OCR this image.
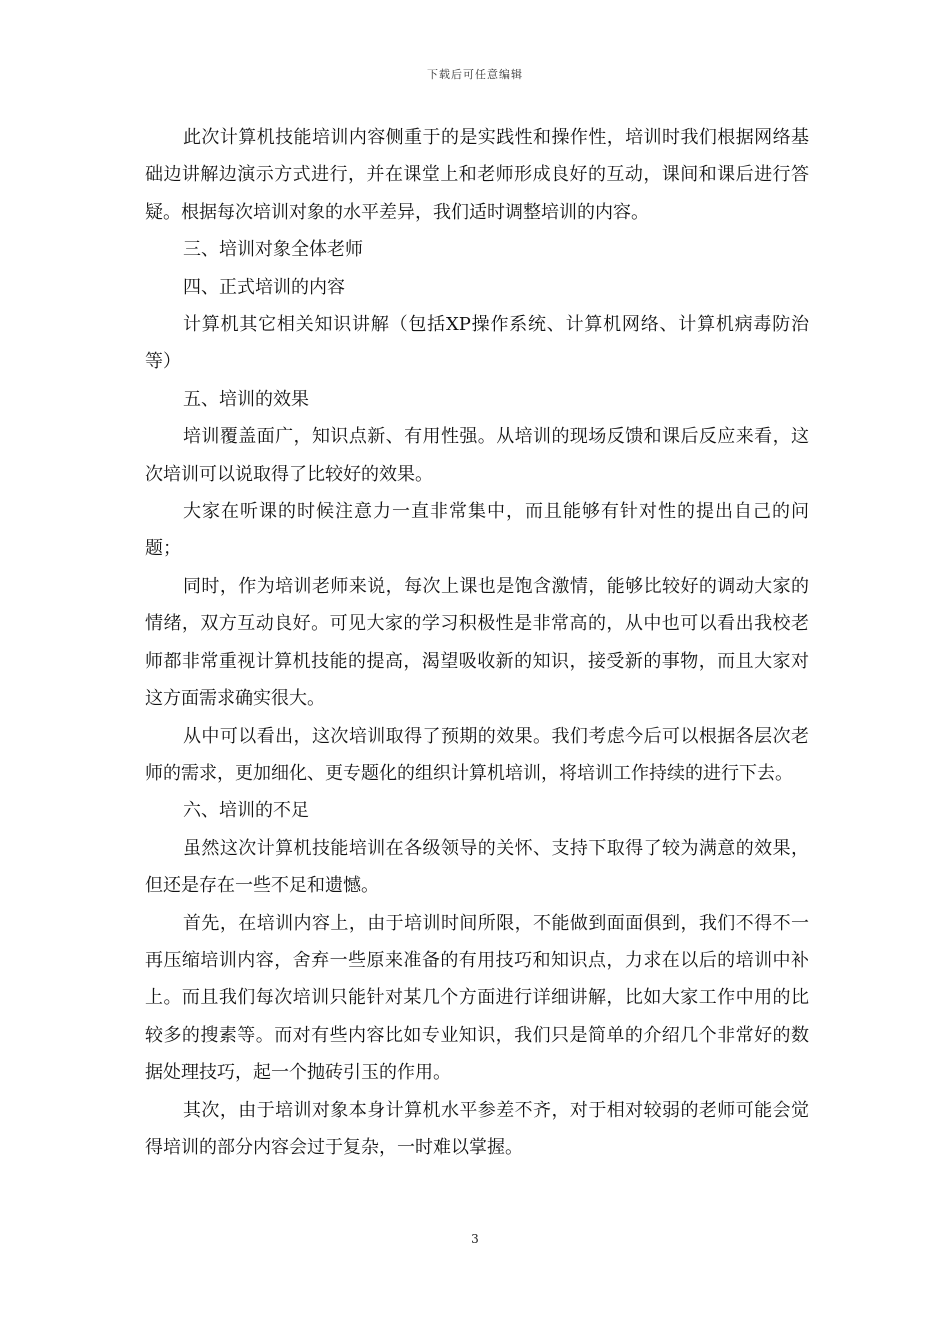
下载后可任意编辑

此次计算机技能培训内容侧重于的是实践性和操作性，培训时我们根据网络基础边讲解边演示方式进行，并在课堂上和老师形成良好的互动，课间和课后进行答疑。根据每次培训对象的水平差异，我们适时调整培训的内容。

三、培训对象全体老师

四、正式培训的内容

计算机其它相关知识讲解（包括XP操作系统、计算机网络、计算机病毒防治等）

五、培训的效果

培训覆盖面广，知识点新、有用性强。从培训的现场反馈和课后反应来看，这次培训可以说取得了比较好的效果。

大家在听课的时候注意力一直非常集中，而且能够有针对性的提出自己的问题；

同时，作为培训老师来说，每次上课也是饱含激情，能够比较好的调动大家的情绪，双方互动良好。可见大家的学习积极性是非常高的，从中也可以看出我校老师都非常重视计算机技能的提高，渴望吸收新的知识，接受新的事物，而且大家对这方面需求确实很大。

从中可以看出，这次培训取得了预期的效果。我们考虑今后可以根据各层次老师的需求，更加细化、更专题化的组织计算机培训，将培训工作持续的进行下去。

六、培训的不足

虽然这次计算机技能培训在各级领导的关怀、支持下取得了较为满意的效果，但还是存在一些不足和遗憾。

首先，在培训内容上，由于培训时间所限，不能做到面面俱到，我们不得不一再压缩培训内容，舍弃一些原来准备的有用技巧和知识点，力求在以后的培训中补上。而且我们每次培训只能针对某几个方面进行详细讲解，比如大家工作中用的比较多的搜素等。而对有些内容比如专业知识，我们只是简单的介绍几个非常好的数据处理技巧，起一个抛砖引玉的作用。

其次，由于培训对象本身计算机水平参差不齐，对于相对较弱的老师可能会觉得培训的部分内容会过于复杂，一时难以掌握。

3
